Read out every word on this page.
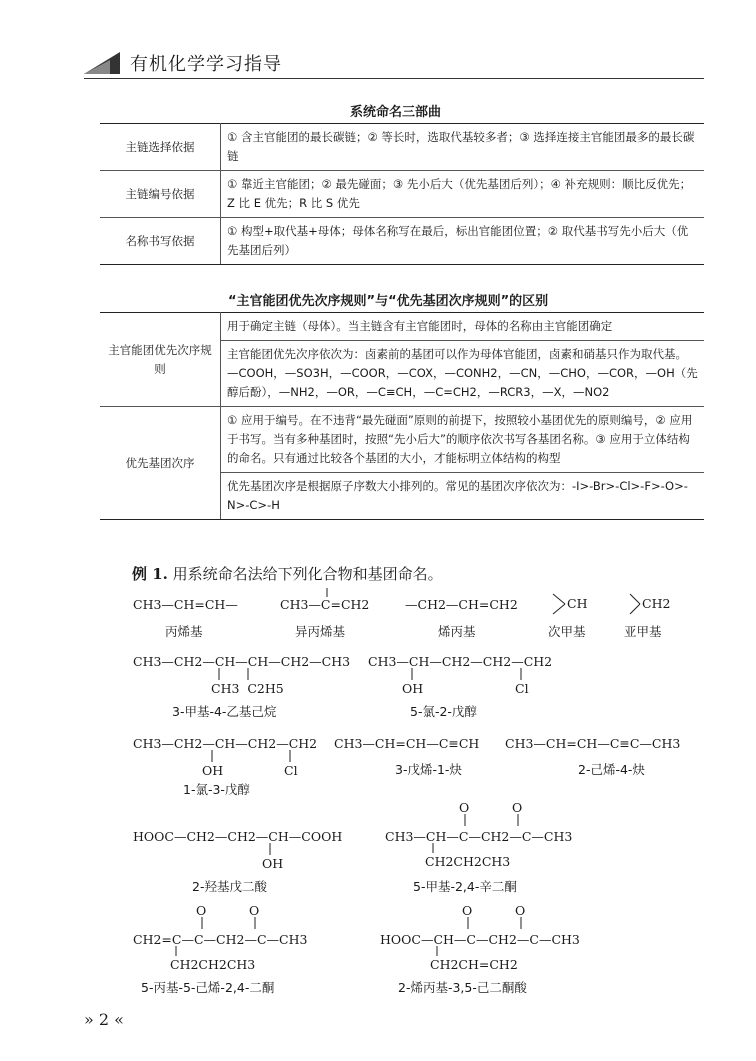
有机化学学习指导
系统命名三部曲
主链选择依据	① 含主官能团的最长碳链；② 等长时，选取代基较多者；③ 选择连接主官能团最多的最长碳链
主链编号依据	① 靠近主官能团；② 最先碰面；③ 先小后大（优先基团后列）；④ 补充规则：顺比反优先；Z 比 E 优先；R 比 S 优先
名称书写依据	① 构型+取代基+母体；母体名称写在最后，标出官能团位置；② 取代基书写先小后大（优先基团后列）
“主官能团优先次序规则”与“优先基团次序规则”的区别
主官能团优先次序规则	用于确定主链（母体）。当主链含有主官能团时，母体的名称由主官能团确定

	主官能团优先次序依次为：卤素前的基团可以作为母体官能团，卤素和硝基只作为取代基。
—COOH，—SO3H，—COOR，—COX，—CONH2，—CN，—CHO，—COR，—OH（先醇后酚），—NH2，—OR，—C≡CH，—C=CH2，—RCR3，—X，—NO2

优先基团次序	① 应用于编号。在不违背“最先碰面”原则的前提下，按照较小基团优先的原则编号，② 应用于书写。当有多种基团时，按照“先小后大”的顺序依次书写各基团名称。③ 应用于立体结构的命名。只有通过比较各个基团的大小，才能标明立体结构的构型
	优先基团次序是根据原子序数大小排列的。常见的基团次序依次为：-I>-Br>-Cl>-F>-O>-N>-C>-H
例 1. 用系统命名法给下列化合物和基团命名。
CH3—CH=CH—
丙烯基
CH3—C=CH2
异丙烯基
—CH2—CH=CH2
烯丙基
CH
次甲基
CH2
亚甲基
CH3—CH2—CH—CH—CH2—CH3
CH3  C2H5
3-甲基-4-乙基己烷
CH3—CH—CH2—CH2—CH2
OH	Cl
5-氯-2-戊醇
CH3—CH2—CH—CH2—CH2
OH	Cl
1-氯-3-戊醇
CH3—CH=CH—C≡CH
3-戊烯-1-炔
CH3—CH=CH—C≡C—CH3
2-己烯-4-炔
HOOC—CH2—CH2—CH—COOH
OH
2-羟基戊二酸
O	O
CH3—CH—C—CH2—C—CH3
CH2CH2CH3
5-甲基-2,4-辛二酮
O	O
CH2=C—C—CH2—C—CH3
CH2CH2CH3
5-丙基-5-己烯-2,4-二酮
O	O
HOOC—CH—C—CH2—C—CH3
CH2CH=CH2
2-烯丙基-3,5-己二酮酸
» 2 «
